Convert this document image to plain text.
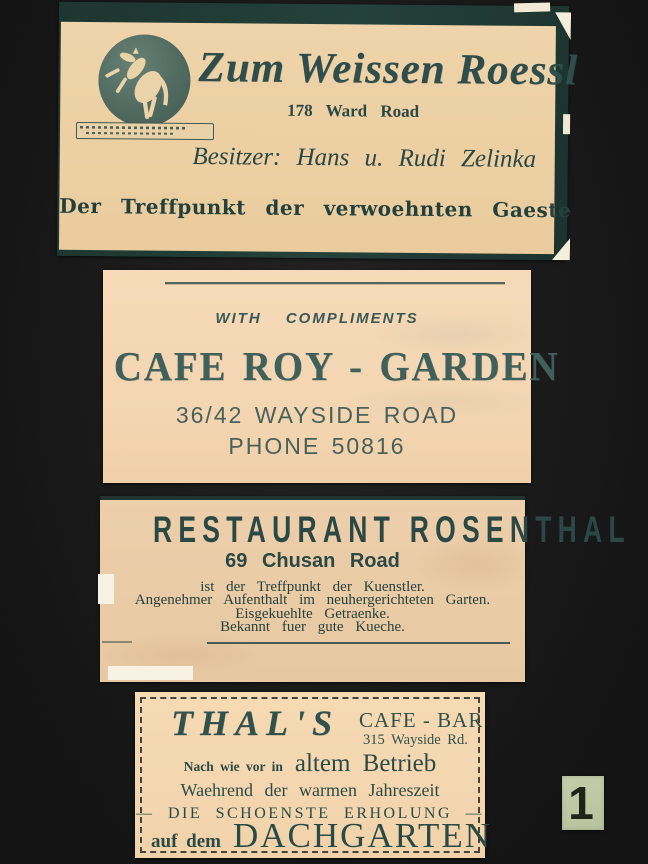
Zum Weissen Roessl
178 Ward Road
Besitzer: Hans u. Rudi Zelinka
Der Treffpunkt der verwoehnten Gaeste
WITH COMPLIMENTS
CAFE ROY - GARDEN
36/42 WAYSIDE ROAD
PHONE 50816
RESTAURANT ROSENTHAL
69 Chusan Road
ist der Treffpunkt der Kuenstler.
Angenehmer Aufenthalt im neuhergerichteten Garten.
Eisgekuehlte Getraenke.
Bekannt fuer gute Kueche.
THAL'S CAFE - BAR
315 Wayside Rd.
Nach wie vor in altem Betrieb
Waehrend der warmen Jahreszeit
— DIE SCHOENSTE ERHOLUNG —
auf dem DACHGARTEN
1
